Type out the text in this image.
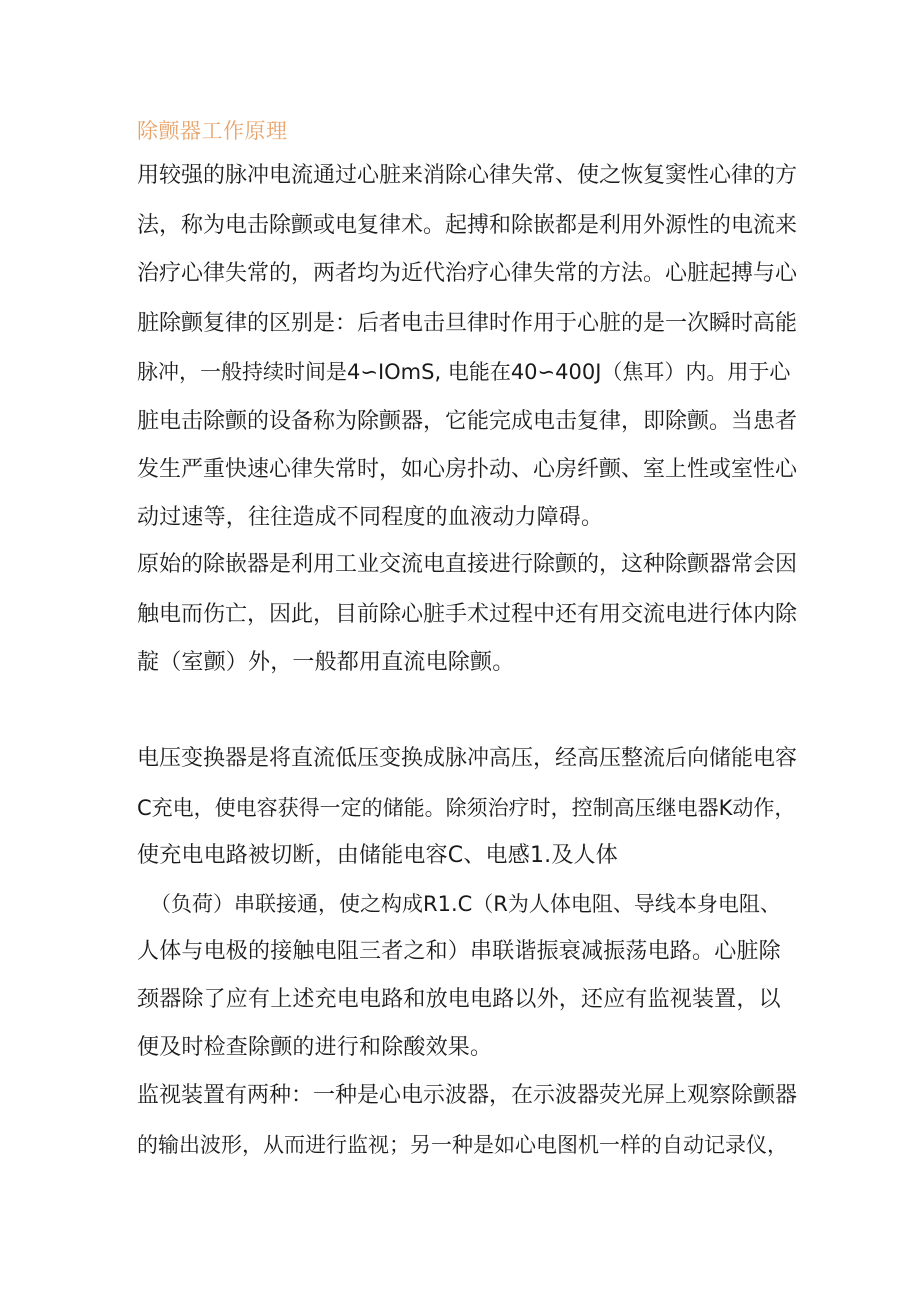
除颤器工作原理
用较强的脉冲电流通过心脏来消除心律失常、使之恢复窦性心律的方
法，称为电击除颤或电复律术。起搏和除嵌都是利用外源性的电流来
治疗心律失常的，两者均为近代治疗心律失常的方法。心脏起搏与心
脏除颤复律的区别是：后者电击旦律时作用于心脏的是一次瞬时高能
脉冲，一般持续时间是4∽IOmS, 电能在40∽400J（焦耳）内。用于心
脏电击除颤的设备称为除颤器，它能完成电击复律，即除颤。当患者
发生严重快速心律失常时，如心房扑动、心房纤颤、室上性或室性心
动过速等，往往造成不同程度的血液动力障碍。
原始的除嵌器是利用工业交流电直接进行除颤的，这种除颤器常会因
触电而伤亡，因此，目前除心脏手术过程中还有用交流电进行体内除
靛（室颤）外，一般都用直流电除颤。
电压变换器是将直流低压变换成脉冲高压，经高压整流后向储能电容
C充电，使电容获得一定的储能。除须治疗时，控制高压继电器K动作，
使充电电路被切断，由储能电容C、电感1.及人体
（负荷）串联接通，使之构成R1.C（R为人体电阻、导线本身电阻、
人体与电极的接触电阻三者之和）串联谐振衰减振荡电路。心脏除
颈器除了应有上述充电电路和放电电路以外，还应有监视装置，以
便及时检查除颤的进行和除酸效果。
监视装置有两种：一种是心电示波器，在示波器荧光屏上观察除颤器
的输出波形，从而进行监视；另一种是如心电图机一样的自动记录仪，
